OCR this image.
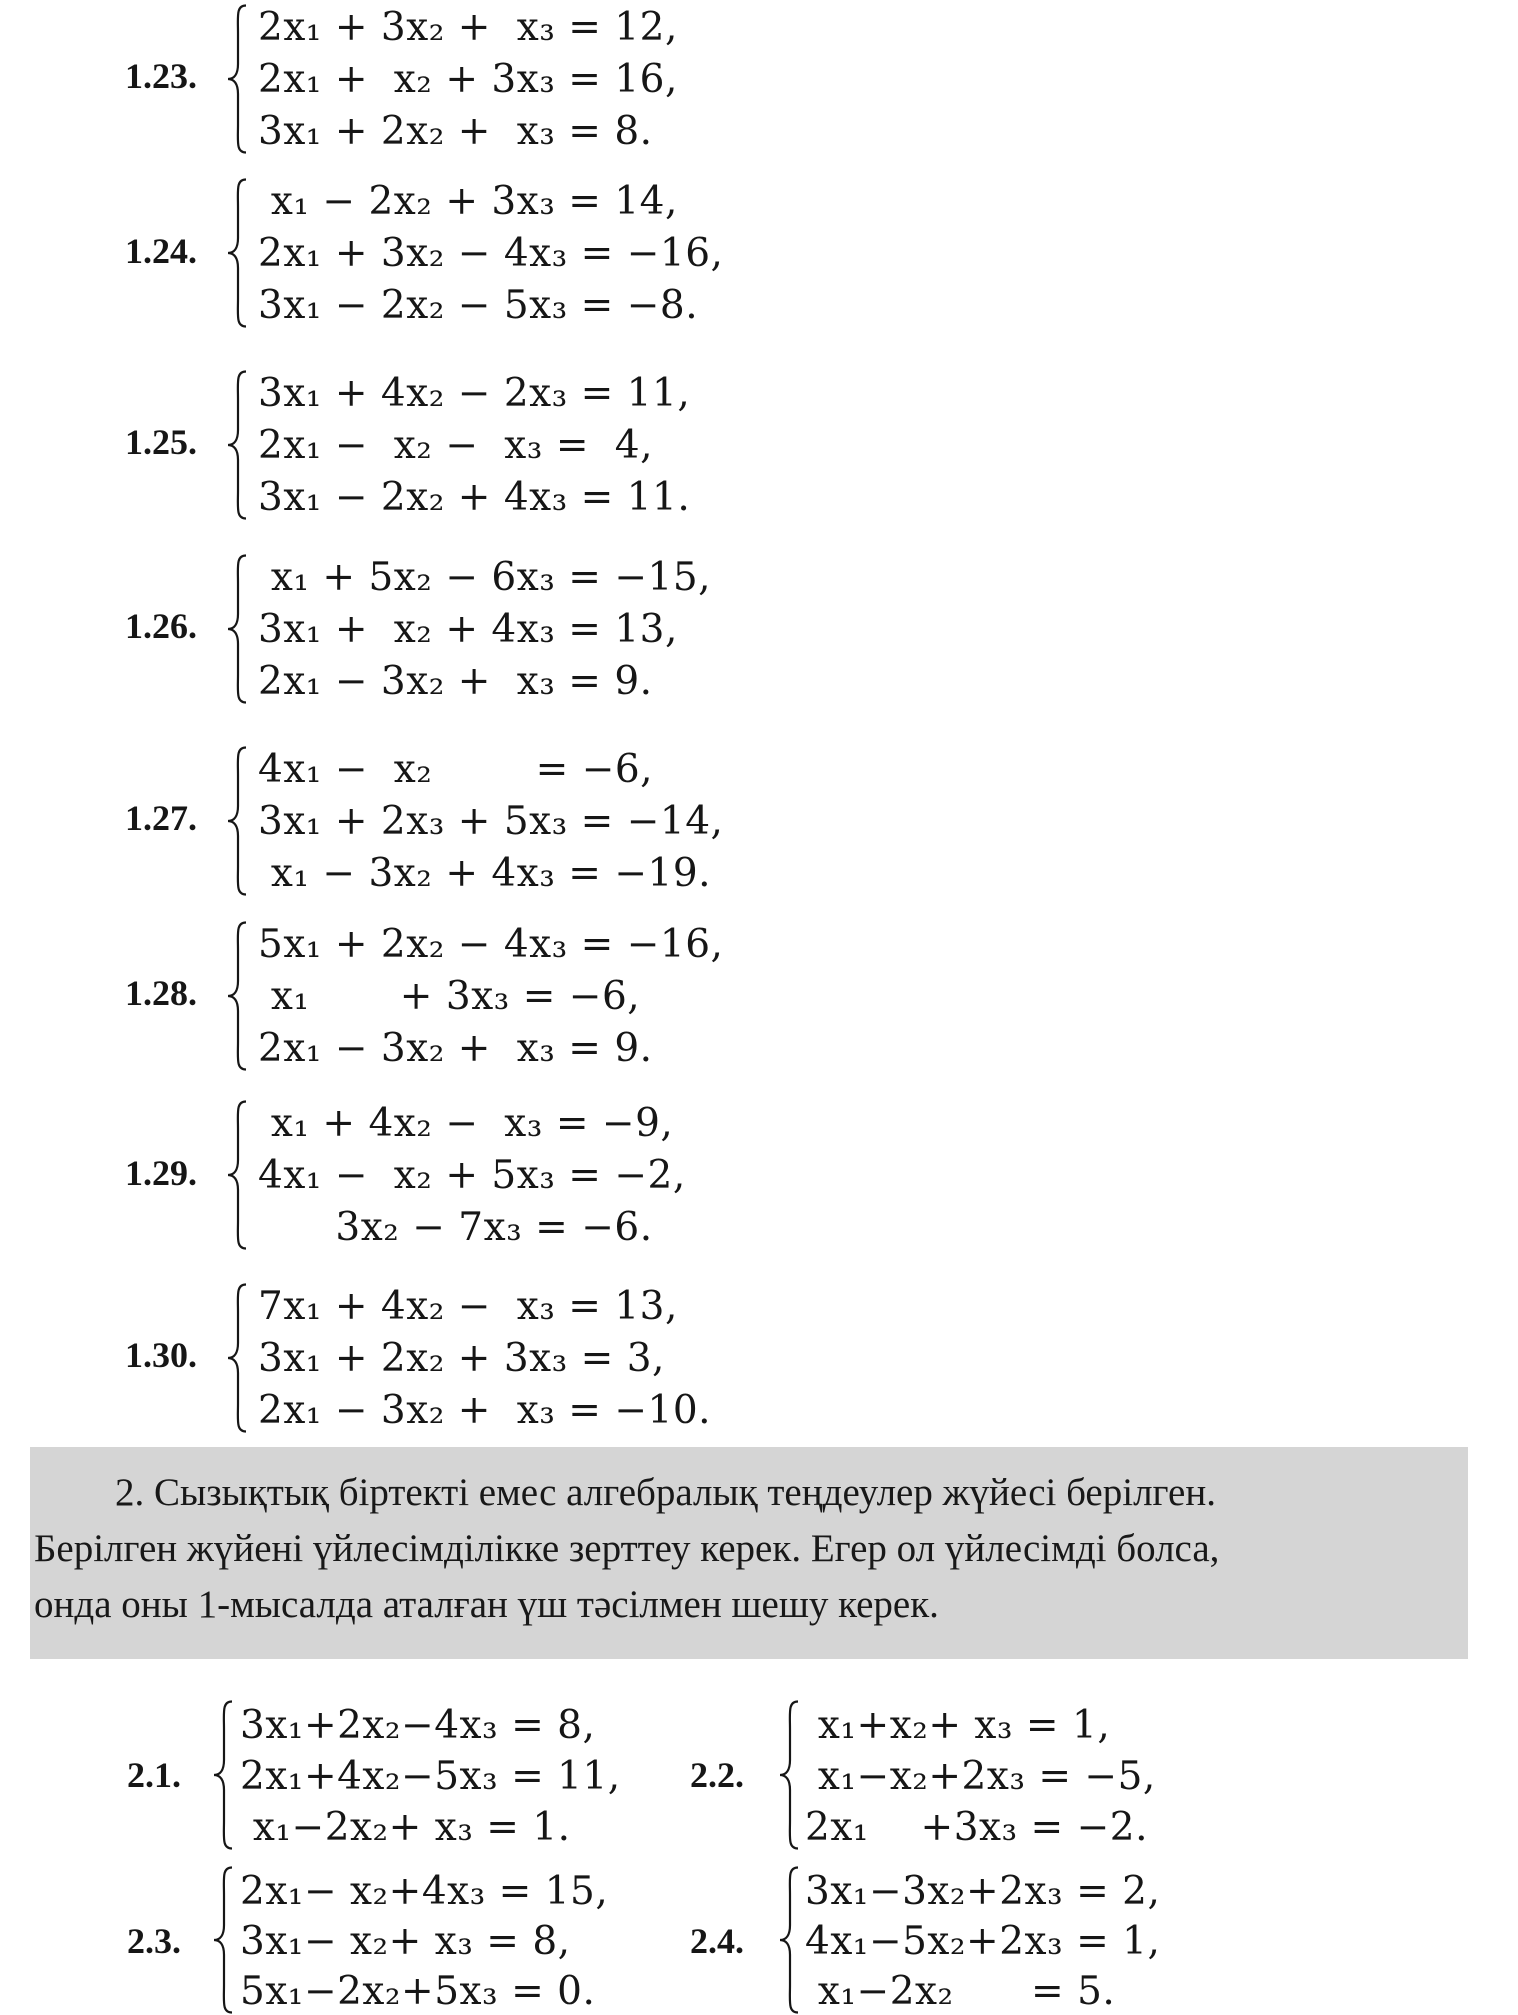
1.23.
2x₁ + 3x₂ +  x₃ = 12,
2x₁ +  x₂ + 3x₃ = 16,
3x₁ + 2x₂ +  x₃ = 8.
1.24.
x₁ − 2x₂ + 3x₃ = 14,
2x₁ + 3x₂ − 4x₃ = −16,
3x₁ − 2x₂ − 5x₃ = −8.
1.25.
3x₁ + 4x₂ − 2x₃ = 11,
2x₁ −  x₂ −  x₃ =  4,
3x₁ − 2x₂ + 4x₃ = 11.
1.26.
x₁ + 5x₂ − 6x₃ = −15,
3x₁ +  x₂ + 4x₃ = 13,
2x₁ − 3x₂ +  x₃ = 9.
1.27.
4x₁ −  x₂        = −6,
3x₁ + 2x₃ + 5x₃ = −14,
x₁ − 3x₂ + 4x₃ = −19.
1.28.
5x₁ + 2x₂ − 4x₃ = −16,
x₁       + 3x₃ = −6,
2x₁ − 3x₂ +  x₃ = 9.
1.29.
x₁ + 4x₂ −  x₃ = −9,
4x₁ −  x₂ + 5x₃ = −2,
3x₂ − 7x₃ = −6.
1.30.
7x₁ + 4x₂ −  x₃ = 13,
3x₁ + 2x₂ + 3x₃ = 3,
2x₁ − 3x₂ +  x₃ = −10.
2. Сызықтық біртекті емес алгебралық теңдеулер жүйесі берілген.
Берілген жүйені үйлесімділікке зерттеу керек. Егер ол үйлесімді болса,
онда оны 1-мысалда аталған үш тәсілмен шешу керек.
2.1.
3x₁+2x₂−4x₃ = 8,
2x₁+4x₂−5x₃ = 11,
x₁−2x₂+ x₃ = 1.
2.2.
x₁+x₂+ x₃ = 1,
x₁−x₂+2x₃ = −5,
2x₁    +3x₃ = −2.
2.3.
2x₁− x₂+4x₃ = 15,
3x₁− x₂+ x₃ = 8,
5x₁−2x₂+5x₃ = 0.
2.4.
3x₁−3x₂+2x₃ = 2,
4x₁−5x₂+2x₃ = 1,
x₁−2x₂      = 5.
